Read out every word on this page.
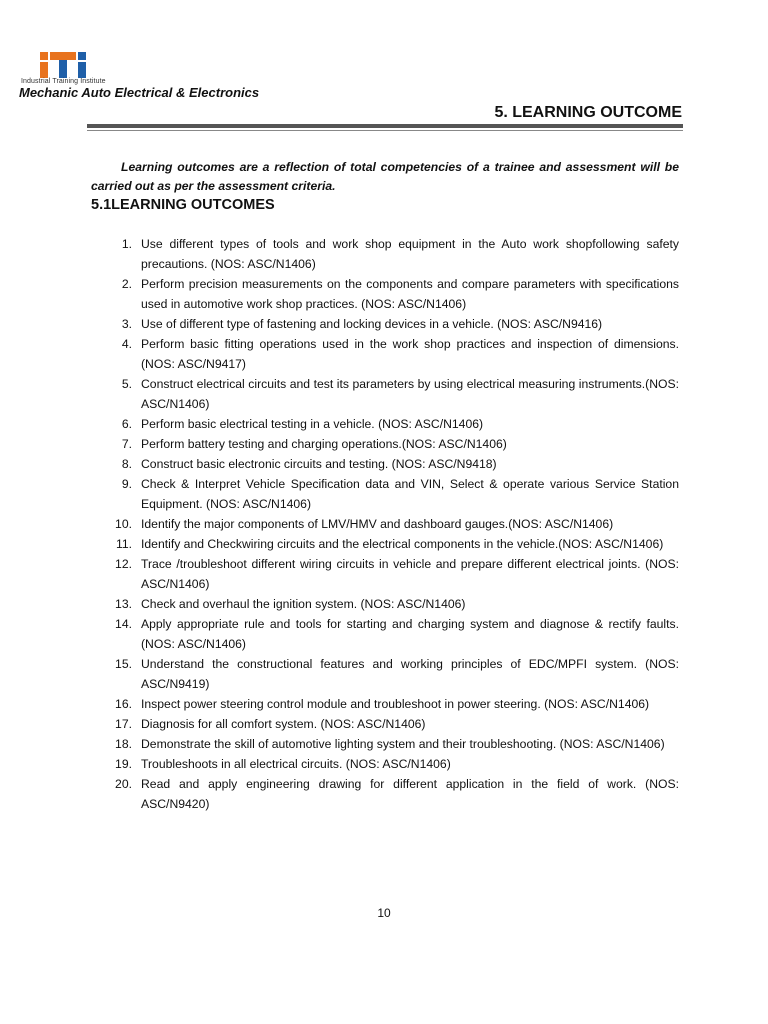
Industrial Training Institute
Mechanic Auto Electrical & Electronics
5. LEARNING OUTCOME

Learning outcomes are a reflection of total competencies of a trainee and assessment will be carried out as per the assessment criteria.

5.1LEARNING OUTCOMES
1. Use different types of tools and work shop equipment in the Auto work shopfollowing safety precautions. (NOS: ASC/N1406)
2. Perform precision measurements on the components and compare parameters with specifications used in automotive work shop practices. (NOS: ASC/N1406)
3. Use of different type of fastening and locking devices in a vehicle. (NOS: ASC/N9416)
4. Perform basic fitting operations used in the work shop practices and inspection of dimensions. (NOS: ASC/N9417)
5. Construct electrical circuits and test its parameters by using electrical measuring instruments.(NOS: ASC/N1406)
6. Perform basic electrical testing in a vehicle. (NOS: ASC/N1406)
7. Perform battery testing and charging operations.(NOS: ASC/N1406)
8. Construct basic electronic circuits and testing. (NOS: ASC/N9418)
9. Check & Interpret Vehicle Specification data and VIN, Select & operate various Service Station Equipment. (NOS: ASC/N1406)
10. Identify the major components of LMV/HMV and dashboard gauges.(NOS: ASC/N1406)
11. Identify and Checkwiring circuits and the electrical components in the vehicle.(NOS: ASC/N1406)
12. Trace /troubleshoot different wiring circuits in vehicle and prepare different electrical joints. (NOS: ASC/N1406)
13. Check and overhaul the ignition system. (NOS: ASC/N1406)
14. Apply appropriate rule and tools for starting and charging system and diagnose & rectify faults. (NOS: ASC/N1406)
15. Understand the constructional features and working principles of EDC/MPFI system. (NOS: ASC/N9419)
16. Inspect power steering control module and troubleshoot in power steering. (NOS: ASC/N1406)
17. Diagnosis for all comfort system. (NOS: ASC/N1406)
18. Demonstrate the skill of automotive lighting system and their troubleshooting. (NOS: ASC/N1406)
19. Troubleshoots in all electrical circuits. (NOS: ASC/N1406)
20. Read and apply engineering drawing for different application in the field of work. (NOS: ASC/N9420)
10
